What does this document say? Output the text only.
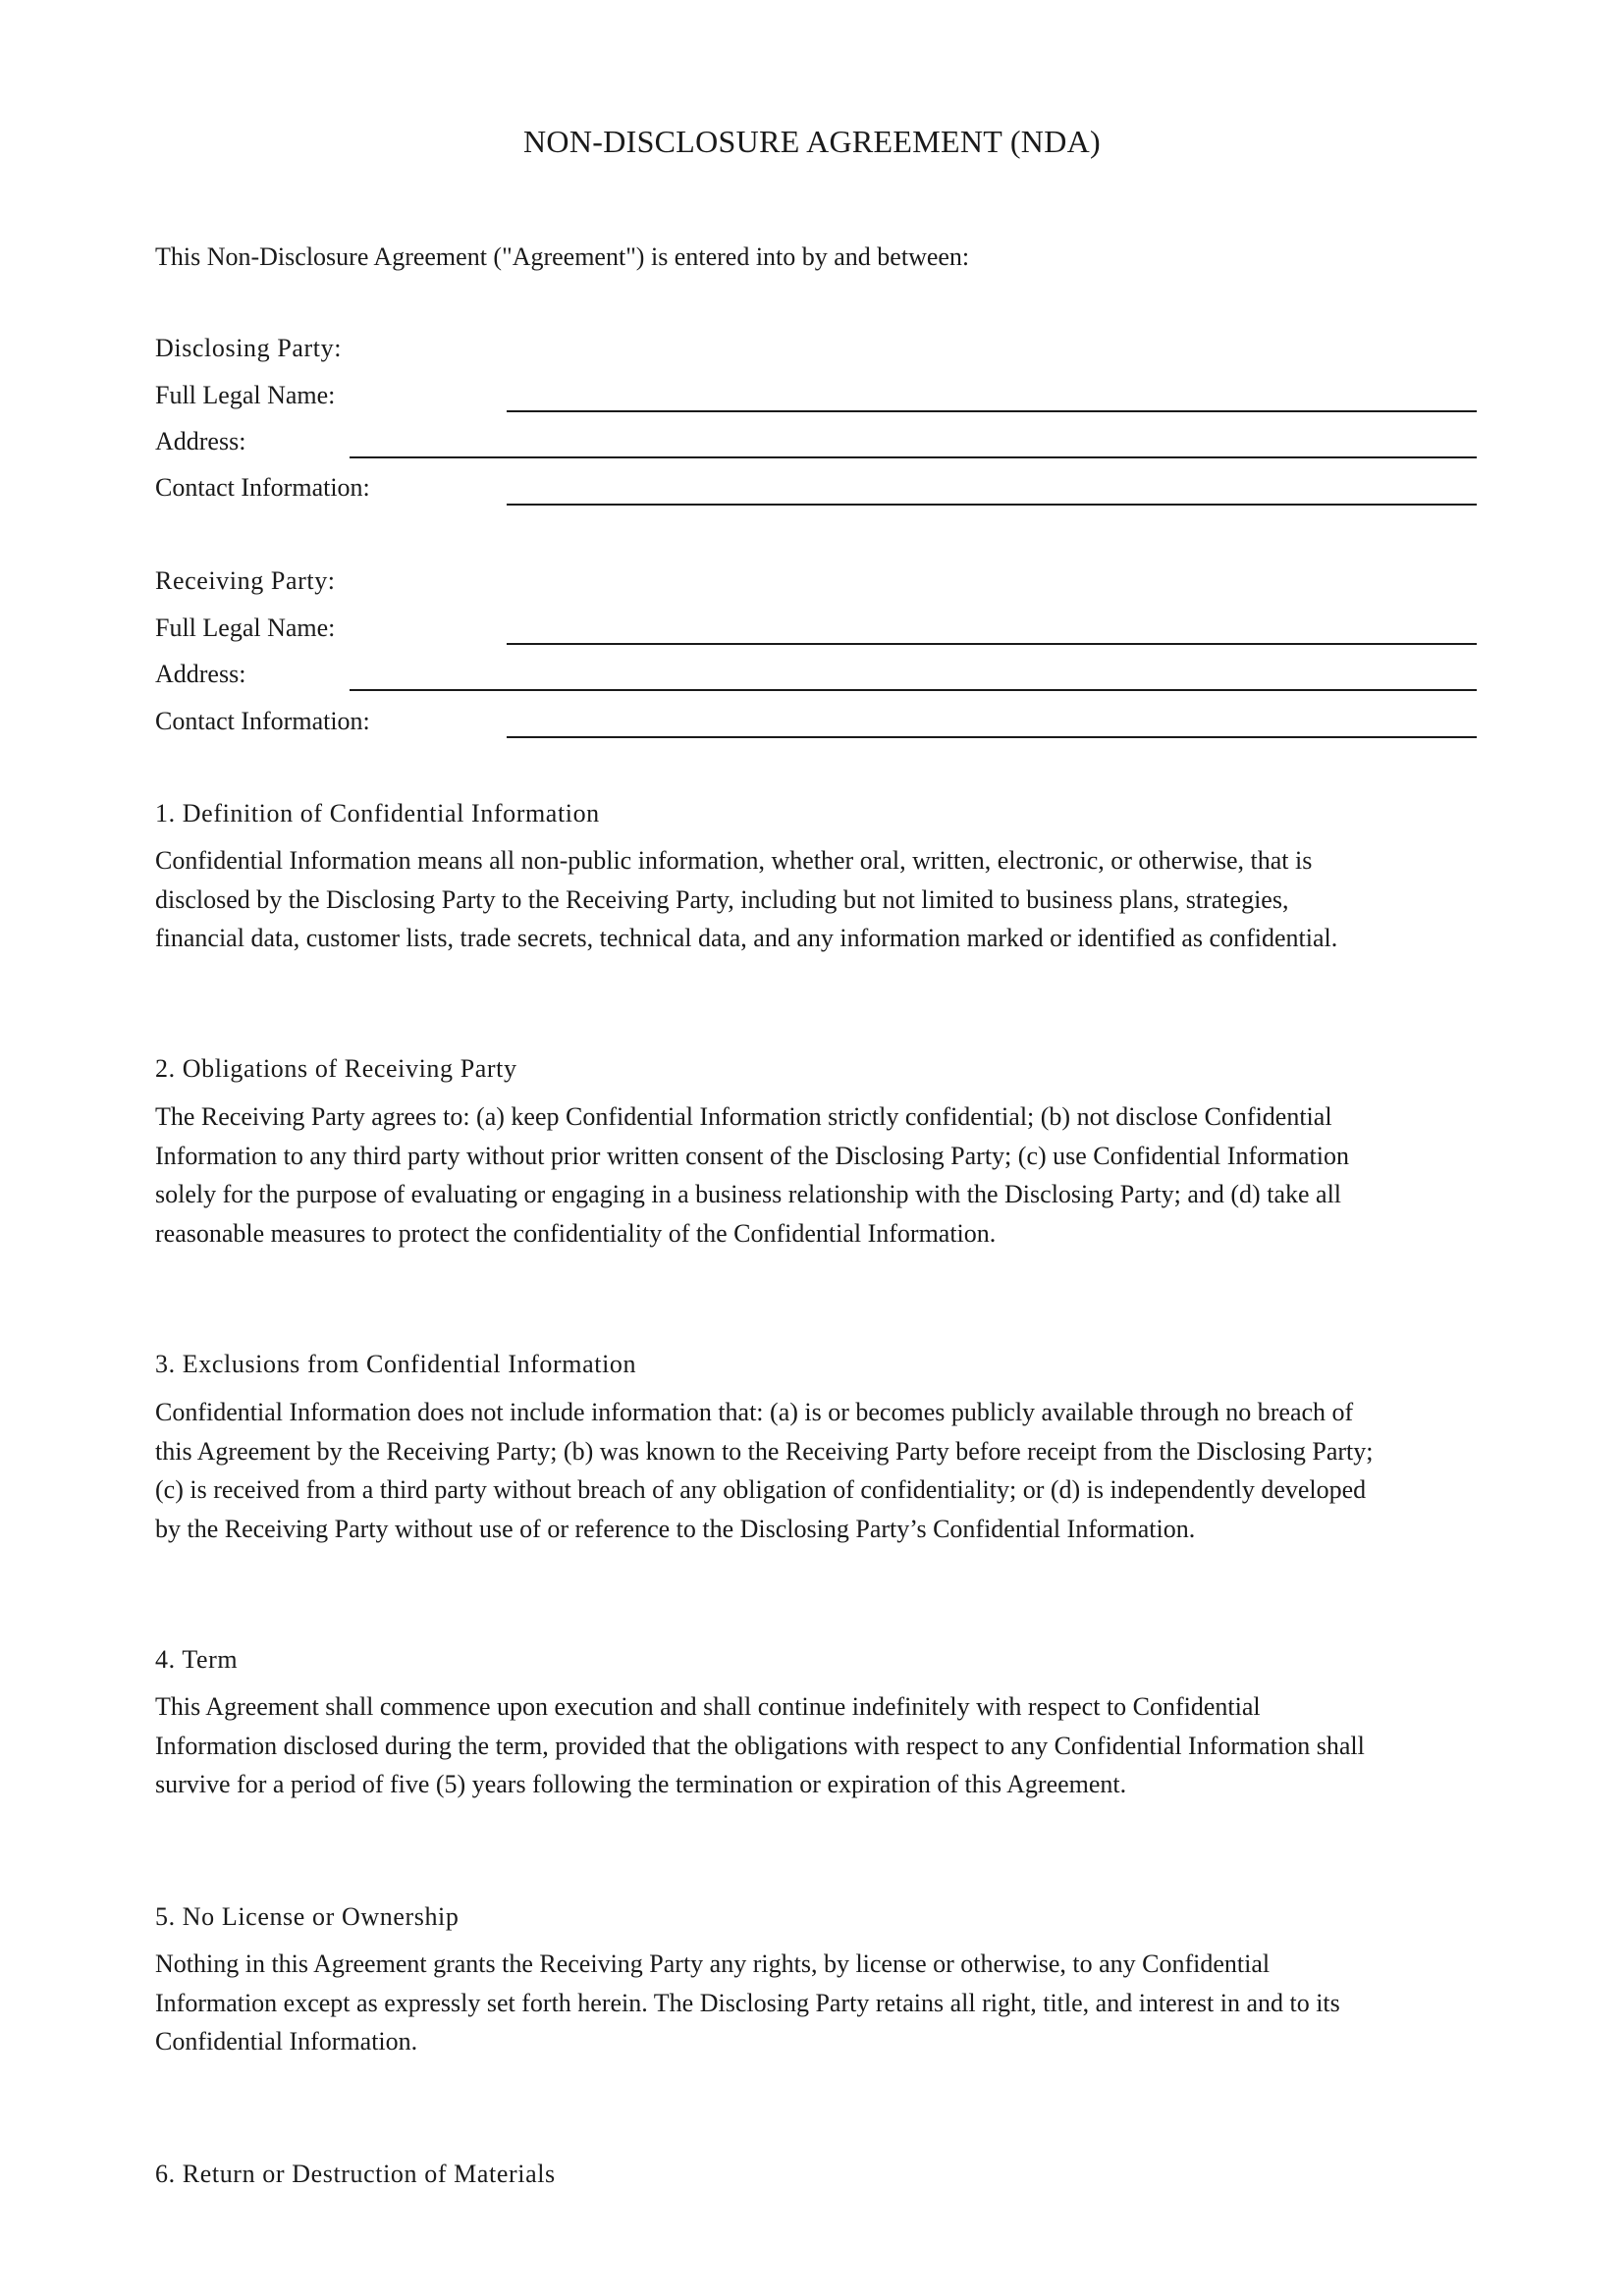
NON-DISCLOSURE AGREEMENT (NDA)
This Non-Disclosure Agreement ("Agreement") is entered into by and between:
Disclosing Party:
Full Legal Name:
Address:
Contact Information:
Receiving Party:
Full Legal Name:
Address:
Contact Information:
1. Definition of Confidential Information
Confidential Information means all non-public information, whether oral, written, electronic, or otherwise, that is
disclosed by the Disclosing Party to the Receiving Party, including but not limited to business plans, strategies,
financial data, customer lists, trade secrets, technical data, and any information marked or identified as confidential.
2. Obligations of Receiving Party
The Receiving Party agrees to: (a) keep Confidential Information strictly confidential; (b) not disclose Confidential
Information to any third party without prior written consent of the Disclosing Party; (c) use Confidential Information
solely for the purpose of evaluating or engaging in a business relationship with the Disclosing Party; and (d) take all
reasonable measures to protect the confidentiality of the Confidential Information.
3. Exclusions from Confidential Information
Confidential Information does not include information that: (a) is or becomes publicly available through no breach of
this Agreement by the Receiving Party; (b) was known to the Receiving Party before receipt from the Disclosing Party;
(c) is received from a third party without breach of any obligation of confidentiality; or (d) is independently developed
by the Receiving Party without use of or reference to the Disclosing Party’s Confidential Information.
4. Term
This Agreement shall commence upon execution and shall continue indefinitely with respect to Confidential
Information disclosed during the term, provided that the obligations with respect to any Confidential Information shall
survive for a period of five (5) years following the termination or expiration of this Agreement.
5. No License or Ownership
Nothing in this Agreement grants the Receiving Party any rights, by license or otherwise, to any Confidential
Information except as expressly set forth herein. The Disclosing Party retains all right, title, and interest in and to its
Confidential Information.
6. Return or Destruction of Materials
